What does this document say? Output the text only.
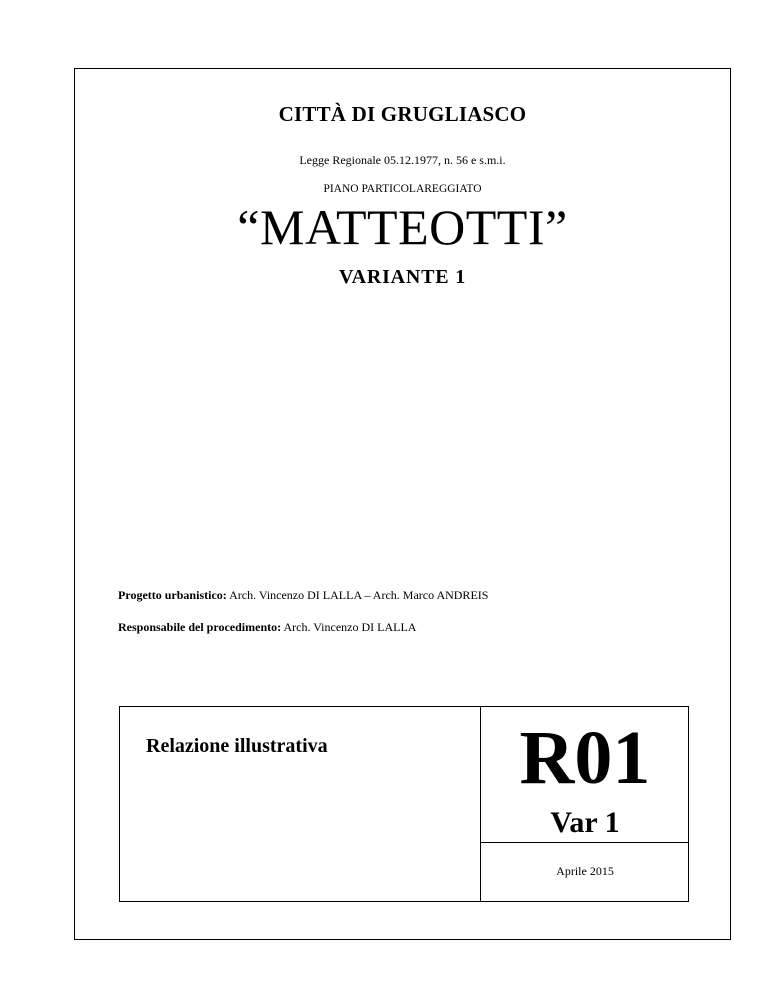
CITTÀ DI GRUGLIASCO
Legge Regionale 05.12.1977, n. 56 e s.m.i.
PIANO PARTICOLAREGGIATO
“MATTEOTTI”
VARIANTE 1
Progetto urbanistico: Arch. Vincenzo DI LALLA – Arch. Marco ANDREIS
Responsabile del procedimento: Arch. Vincenzo DI LALLA
Relazione illustrativa	R01
Var 1
Aprile 2015
